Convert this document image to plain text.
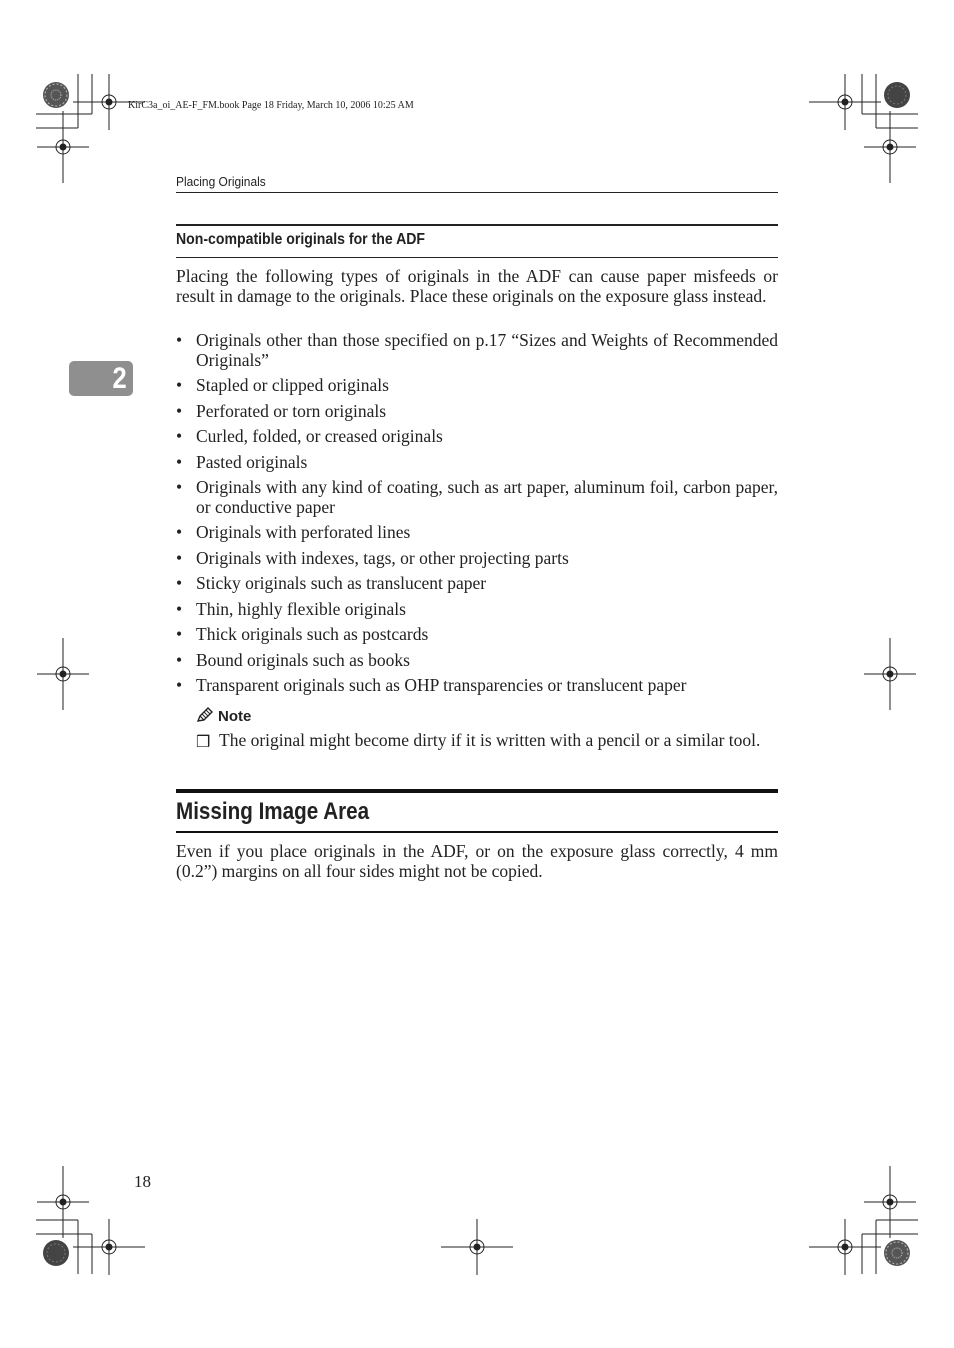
KirC3a_oi_AE-F_FM.book Page 18 Friday, March 10, 2006 10:25 AM
Placing Originals
2
Non-compatible originals for the ADF
Placing the following types of originals in the ADF can cause paper misfeeds or result in damage to the originals. Place these originals on the exposure glass instead.
• Originals other than those specified on p.17 “Sizes and Weights of Recommended Originals”
• Stapled or clipped originals
• Perforated or torn originals
• Curled, folded, or creased originals
• Pasted originals
• Originals with any kind of coating, such as art paper, aluminum foil, carbon paper, or conductive paper
• Originals with perforated lines
• Originals with indexes, tags, or other projecting parts
• Sticky originals such as translucent paper
• Thin, highly flexible originals
• Thick originals such as postcards
• Bound originals such as books
• Transparent originals such as OHP transparencies or translucent paper
Note
❒ The original might become dirty if it is written with a pencil or a similar tool.
Missing Image Area
Even if you place originals in the ADF, or on the exposure glass correctly, 4 mm (0.2”) margins on all four sides might not be copied.
18
